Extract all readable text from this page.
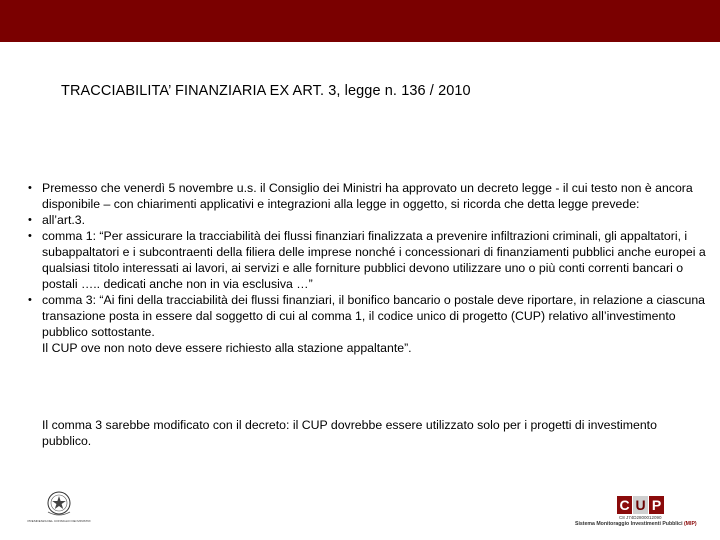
TRACCIABILITA’ FINANZIARIA EX ART. 3, legge n. 136 / 2010
• Premesso che venerdì 5 novembre u.s. il Consiglio dei Ministri ha approvato un decreto legge - il cui testo non è ancora disponibile – con chiarimenti applicativi e integrazioni alla legge in oggetto, si ricorda che detta legge prevede:
• all’art.3.
• comma 1: “Per assicurare la tracciabilità dei flussi finanziari finalizzata a prevenire infiltrazioni criminali, gli appaltatori, i subappaltatori e i subcontraenti della filiera delle imprese nonché i concessionari di finanziamenti pubblici anche europei a qualsiasi titolo interessati ai lavori, ai servizi e alle forniture pubblici devono utilizzare uno o più conti correnti bancari o postali ….. dedicati anche non in via esclusiva …”
• comma 3: “Ai fini della tracciabilità dei flussi finanziari, il bonifico bancario o postale deve riportare, in relazione a ciascuna transazione posta in essere dal soggetto di cui al comma 1, il codice unico di progetto (CUP) relativo all’investimento pubblico sottostante.
Il CUP ove non noto deve essere richiesto alla stazione appaltante”.
Il comma 3 sarebbe modificato con il decreto: il CUP dovrebbe essere utilizzato solo per i progetti di investimento pubblico.
PRESIDENZA DEL CONSIGLIO DEI MINISTRI
C U P
C8 J74D2800012090
Sistema Monitoraggio Investimenti Pubblici (MIP)
